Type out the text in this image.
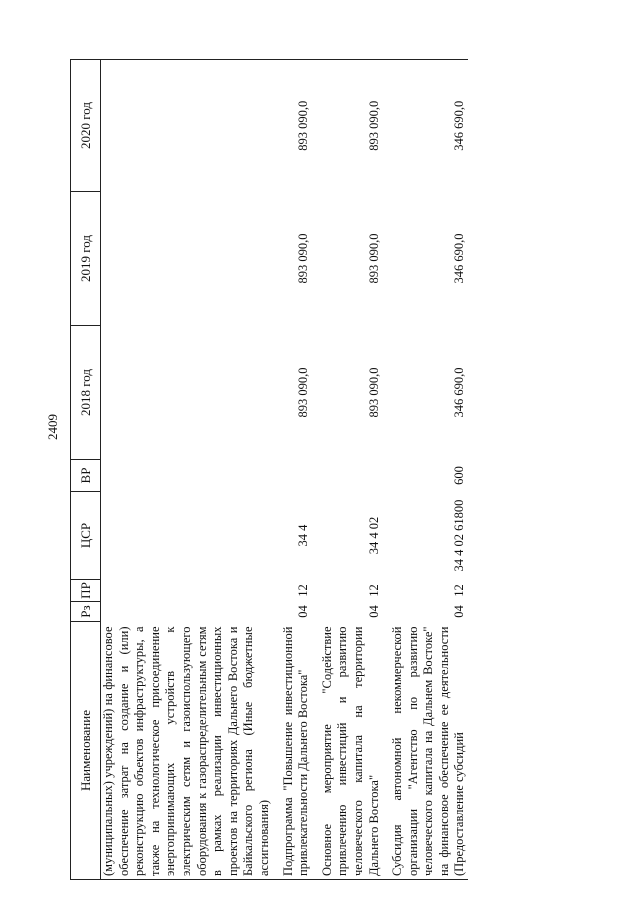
2409
Наименование	Рз	ПР	ЦСР	ВР	2018 год	2019 год	2020 год
(муниципальных) учреждений) на финансовое обеспечение затрат на создание и (или) реконструкцию объектов инфраструктуры, а также на технологическое присоединение энергопринимающих устройств к электрическим сетям и газоиспользующего оборудования к газораспределительным сетям в рамках реализации инвестиционных проектов на территориях Дальнего Востока и Байкальского региона (Иные бюджетные ассигнования)							

Подпрограмма "Повышение инвестиционной привлекательности Дальнего Востока"	04	12	34 4		893 090,0	893 090,0	893 090,0

Основное мероприятие "Содействие привлечению инвестиций и развитию человеческого капитала на территории Дальнего Востока"	04	12	34 4 02		893 090,0	893 090,0	893 090,0

Субсидия автономной некоммерческой организации "Агентство по развитию человеческого капитала на Дальнем Востоке" на финансовое обеспечение ее деятельности (Предоставление субсидий	04	12	34 4 02 61800	600	346 690,0	346 690,0	346 690,0
